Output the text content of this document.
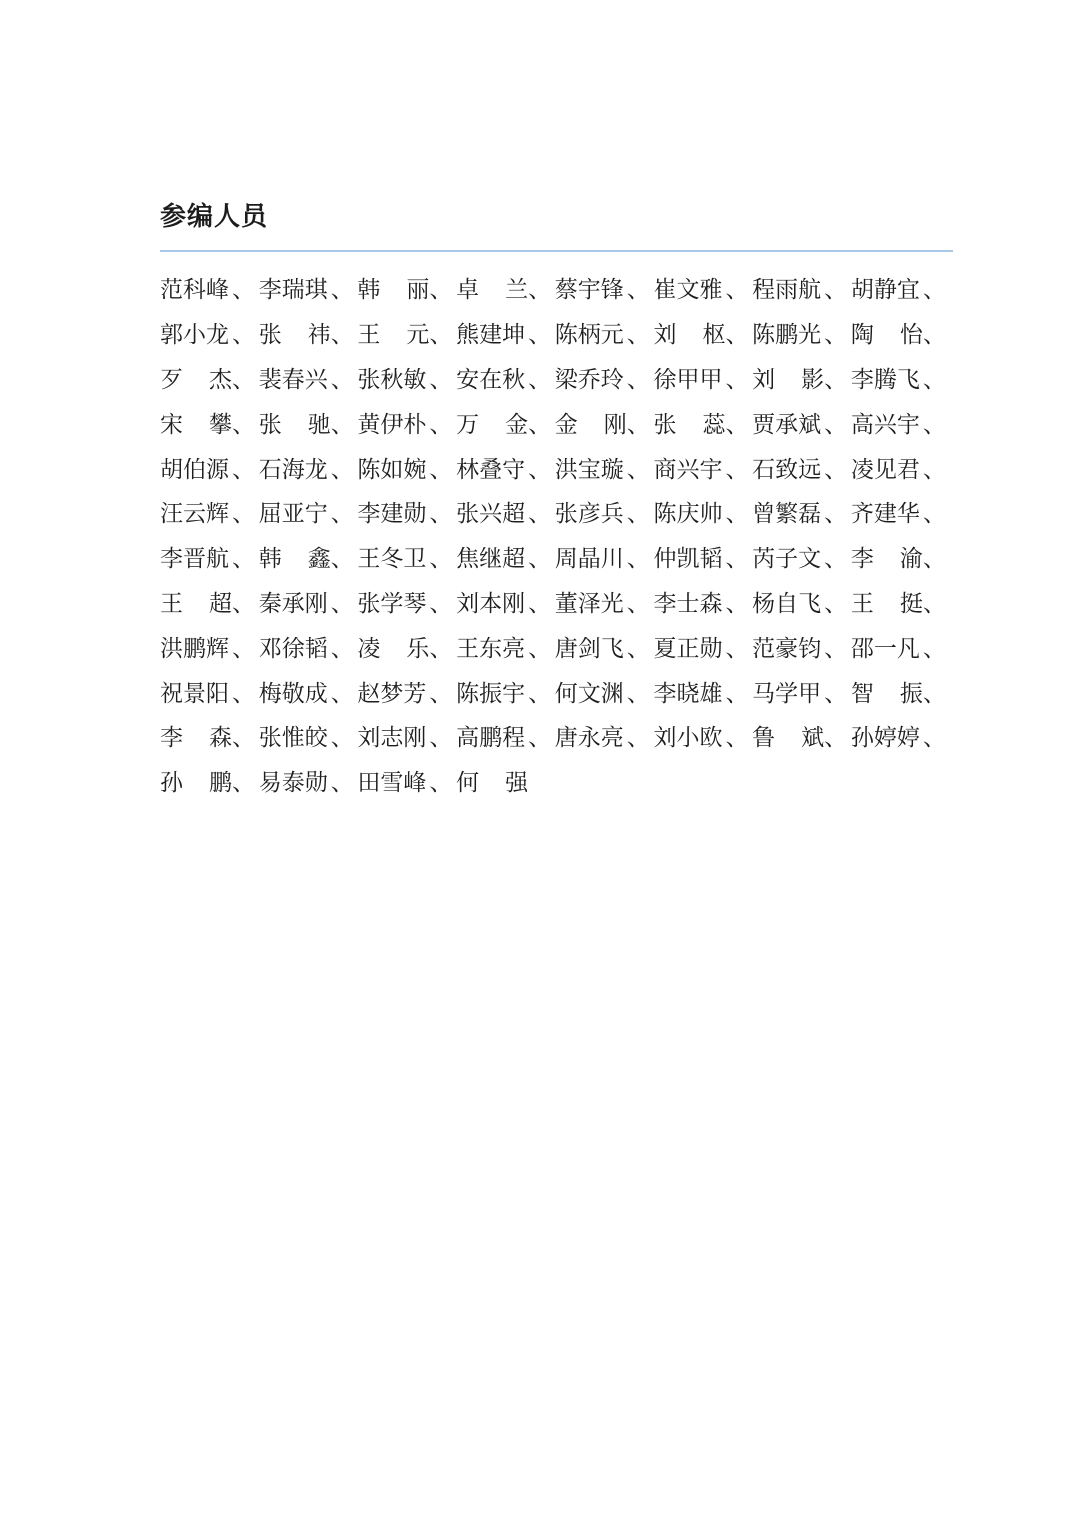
参编人员
范科峰 、 李瑞琪 、 韩 丽 、 卓 兰 、 蔡宇锋 、 崔文雅 、 程雨航 、 胡静宜 、
郭小龙 、 张 祎 、 王 元 、 熊建坤 、 陈柄元 、 刘 枢 、 陈鹏光 、 陶 怡 、
歹 杰 、 裴春兴 、 张秋敏 、 安在秋 、 梁乔玲 、 徐甲甲 、 刘 影 、 李腾飞 、
宋 攀 、 张 驰 、 黄伊朴 、 万 金 、 金 刚 、 张 蕊 、 贾承斌 、 高兴宇 、
胡伯源 、 石海龙 、 陈如婉 、 林叠守 、 洪宝璇 、 商兴宇 、 石致远 、 凌见君 、
汪云辉 、 屈亚宁 、 李建勋 、 张兴超 、 张彦兵 、 陈庆帅 、 曾繁磊 、 齐建华 、
李晋航 、 韩 鑫 、 王冬卫 、 焦继超 、 周晶川 、 仲凯韬 、 芮子文 、 李 渝 、
王 超 、 秦承刚 、 张学琴 、 刘本刚 、 董泽光 、 李士森 、 杨自飞 、 王 挺 、
洪鹏辉 、 邓徐韬 、 凌 乐 、 王东亮 、 唐剑飞 、 夏正勋 、 范豪钧 、 邵一凡 、
祝景阳 、 梅敬成 、 赵梦芳 、 陈振宇 、 何文渊 、 李晓雄 、 马学甲 、 智 振 、
李 森 、 张惟皎 、 刘志刚 、 高鹏程 、 唐永亮 、 刘小欧 、 鲁 斌 、 孙婷婷 、
孙 鹏 、 易泰勋 、 田雪峰 、 何 强
